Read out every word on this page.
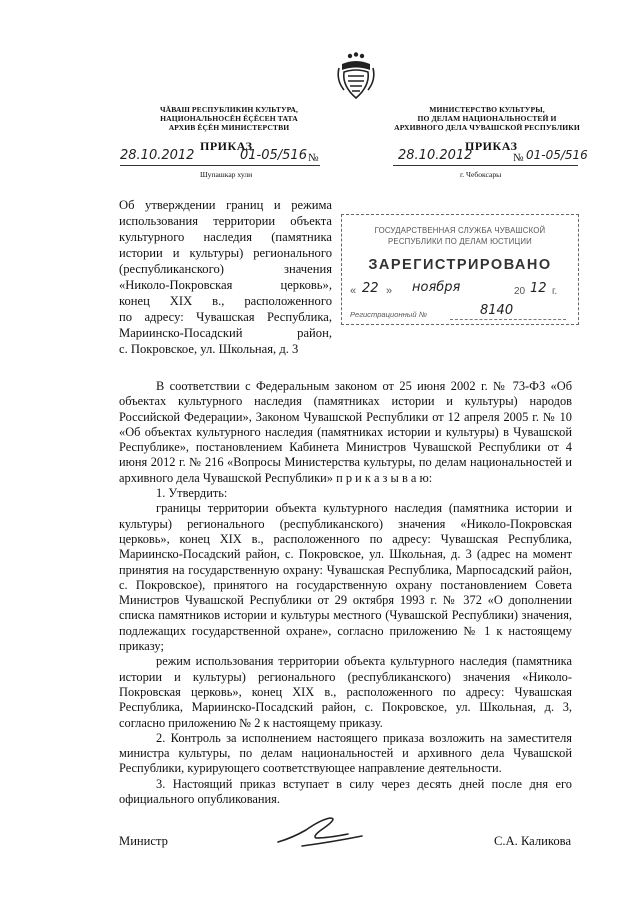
ЧĂВАШ РЕСПУБЛИКИН КУЛЬТУРА,
НАЦИОНАЛЬНОСĔН ĔÇĔСЕН ТАТА
АРХИВ ĔÇĔН МИНИСТЕРСТВИ
ПРИКАЗ
28.10.2012	01-05/516 №
Шупашкар хули
МИНИСТЕРСТВО КУЛЬТУРЫ,
ПО ДЕЛАМ НАЦИОНАЛЬНОСТЕЙ И
АРХИВНОГО ДЕЛА ЧУВАШСКОЙ РЕСПУБЛИКИ
ПРИКАЗ
28.10.2012	№ 01-05/516
г. Чебоксары
Об утверждении границ и режима
использования территории объекта
культурного наследия (памятника
истории и культуры) регионального
(республиканского) значения
«Николо-Покровская церковь»,
конец XIX в., расположенного
по адресу: Чувашская Республика,
Мариинско-Посадский район,
с. Покровское, ул. Школьная, д. 3
ГОСУДАРСТВЕННАЯ СЛУЖБА ЧУВАШСКОЙ
РЕСПУБЛИКИ ПО ДЕЛАМ ЮСТИЦИИ
ЗАРЕГИСТРИРОВАНО
« 22 » ноября	20 12 г.
Регистрационный №	8140

В соответствии с Федеральным законом от 25 июня 2002 г. № 73-ФЗ «Об объектах культурного наследия (памятниках истории и культуры) народов Российской Федерации», Законом Чувашской Республики от 12 апреля 2005 г. № 10 «Об объектах культурного наследия (памятниках истории и культуры) в Чувашской Республике», постановлением Кабинета Министров Чувашской Республики от 4 июня 2012 г. № 216 «Вопросы Министерства культуры, по делам национальностей и архивного дела Чувашской Республики» п р и к а з ы в а ю:

1. Утвердить:

границы территории объекта культурного наследия (памятника истории и культуры) регионального (республиканского) значения «Николо-Покровская церковь», конец XIX в., расположенного по адресу: Чувашская Республика, Мариинско-Посадский район, с. Покровское, ул. Школьная, д. 3 (адрес на момент принятия на государственную охрану: Чувашская Республика, Марпосадский район, с. Покровское), принятого на государственную охрану постановлением Совета Министров Чувашской Республики от 29 октября 1993 г. № 372 «О дополнении списка памятников истории и культуры местного (Чувашской Республики) значения, подлежащих государственной охране», согласно приложению № 1 к настоящему приказу;

режим использования территории объекта культурного наследия (памятника истории и культуры) регионального (республиканского) значения «Николо-Покровская церковь», конец XIX в., расположенного по адресу: Чувашская Республика, Мариинско-Посадский район, с. Покровское, ул. Школьная, д. 3, согласно приложению № 2 к настоящему приказу.

2. Контроль за исполнением настоящего приказа возложить на заместителя министра культуры, по делам национальностей и архивного дела Чувашской Республики, курирующего соответствующее направление деятельности.

3. Настоящий приказ вступает в силу через десять дней после дня его официального опубликования.

Министр	С.А. Каликова
